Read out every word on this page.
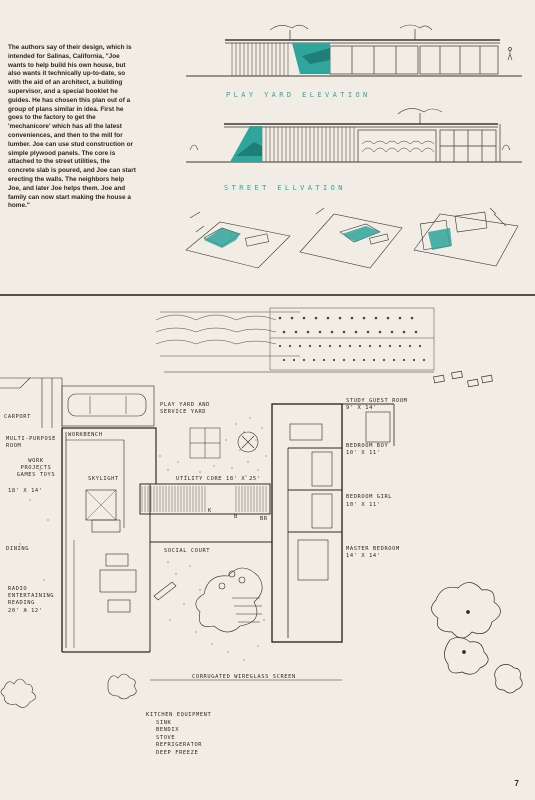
The authors say of their design, which is intended for Salinas, California, "Joe wants to help build his own house, but also wants it technically up-to-date, so with the aid of an architect, a building supervisor, and a special booklet he guides. He has chosen this plan out of a group of plans similar in idea. First he goes to the factory to get the 'mechanicore' which has all the latest conveniences, and then to the mill for lumber. Joe can use stud construction or simple plywood panels. The core is attached to the street utilities, the concrete slab is poured, and Joe can start erecting the walls. The neighbors help Joe, and later Joe helps them. Joe and family can now start making the house a home."
PLAY YARD ELEVATION
STREET ELLVATION
CARPORT
MULTI-PURPOSE ROOM
WORK PROJECTS GAMES TOYS
18' X 14'
WORKBENCH
SKYLIGHT
PLAY YARD AND SERVICE YARD
UTILITY CORE 18' X 25'
K
B	BR
STUDY GUEST ROOM
9' X 14'
BEDROOM BOY
10' X 11'
BEDROOM GIRL
10' X 11'
MASTER BEDROOM
14' X 14'
DINING	SOCIAL COURT
RADIO ENTERTAINING READING
20' X 12'
CORRUGATED WIREGLASS SCREEN
KITCHEN EQUIPMENT
SINK
BENDIX
STOVE
REFRIGERATOR
DEEP FREEZE
7
